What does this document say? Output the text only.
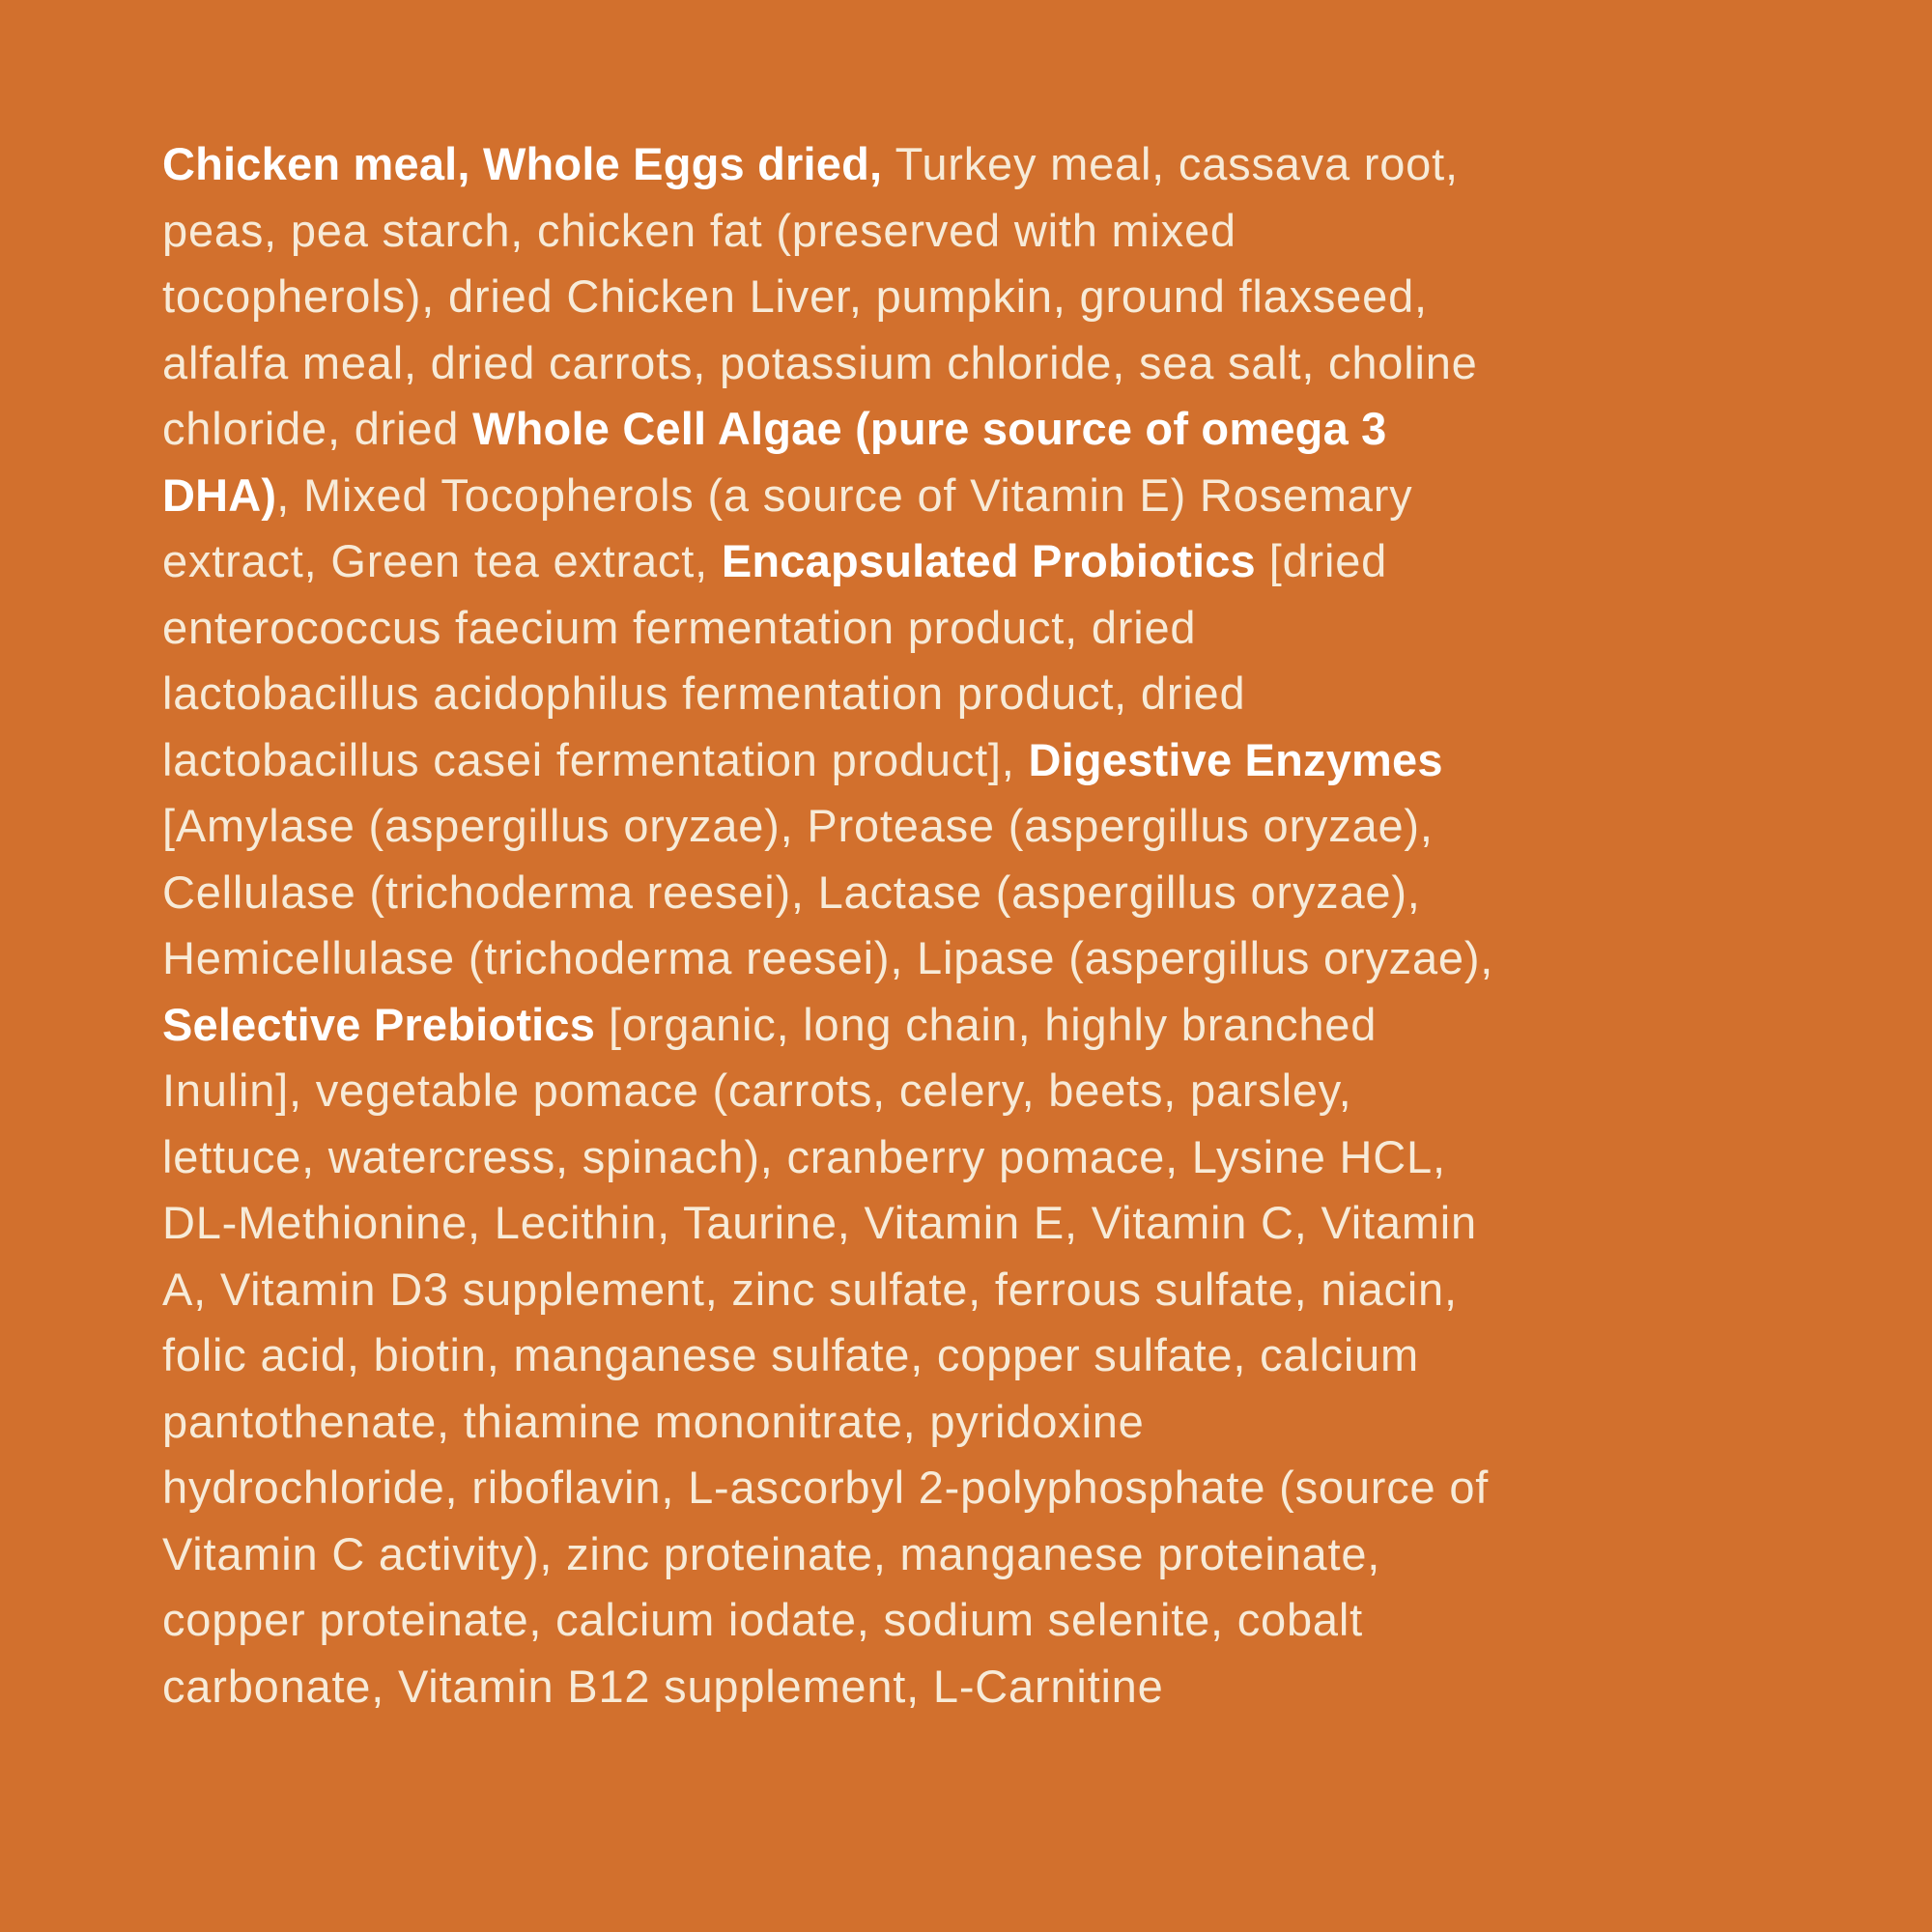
Chicken meal, Whole Eggs dried, Turkey meal, cassava root,
peas, pea starch, chicken fat (preserved with mixed
tocopherols), dried Chicken Liver, pumpkin, ground flaxseed,
alfalfa meal, dried carrots, potassium chloride, sea salt, choline
chloride, dried Whole Cell Algae (pure source of omega 3
DHA), Mixed Tocopherols (a source of Vitamin E) Rosemary
extract, Green tea extract, Encapsulated Probiotics [dried
enterococcus faecium fermentation product, dried
lactobacillus acidophilus fermentation product, dried
lactobacillus casei fermentation product], Digestive Enzymes
[Amylase (aspergillus oryzae), Protease (aspergillus oryzae),
Cellulase (trichoderma reesei), Lactase (aspergillus oryzae),
Hemicellulase (trichoderma reesei), Lipase (aspergillus oryzae),
Selective Prebiotics [organic, long chain, highly branched
Inulin], vegetable pomace (carrots, celery, beets, parsley,
lettuce, watercress, spinach), cranberry pomace, Lysine HCL,
DL-Methionine, Lecithin, Taurine, Vitamin E, Vitamin C, Vitamin
A, Vitamin D3 supplement, zinc sulfate, ferrous sulfate, niacin,
folic acid, biotin, manganese sulfate, copper sulfate, calcium
pantothenate, thiamine mononitrate, pyridoxine
hydrochloride, riboflavin, L-ascorbyl 2-polyphosphate (source of
Vitamin C activity), zinc proteinate, manganese proteinate,
copper proteinate, calcium iodate, sodium selenite, cobalt
carbonate, Vitamin B12 supplement, L-Carnitine
